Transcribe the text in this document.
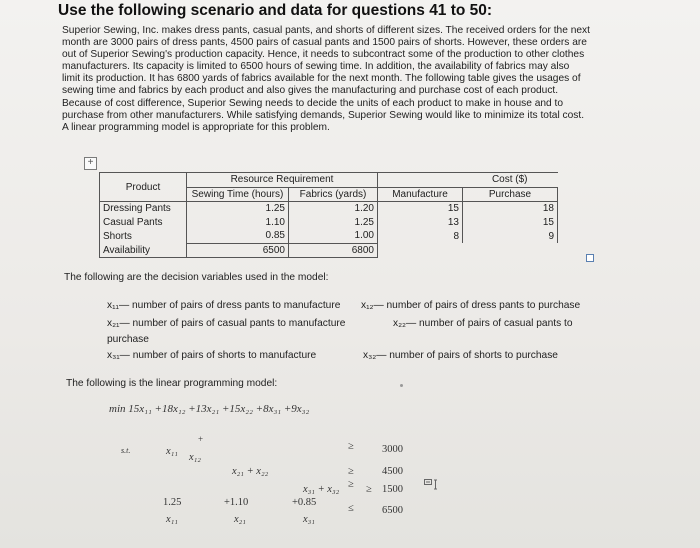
Use the following scenario and data for questions 41 to 50:
Superior Sewing, Inc. makes dress pants, casual pants, and shorts of different sizes. The received orders for the next
month are 3000 pairs of dress pants, 4500 pairs of casual pants and 1500 pairs of shorts. However, these orders are
out of Superior Sewing's production capacity. Hence, it needs to subcontract some of the production to other clothes
manufacturers. Its capacity is limited to 6500 hours of sewing time. In addition, the availability of fabrics may also
limit its production. It has 6800 yards of fabrics available for the next month. The following table gives the usages of
sewing time and fabrics by each product and also gives the manufacturing and purchase cost of each product.
Because of cost difference, Superior Sewing needs to decide the units of each product to make in house and to
purchase from other manufacturers. While satisfying demands, Superior Sewing would like to minimize its total cost.
A linear programming model is appropriate for this problem.
+
Product	Resource Requirement		Cost ($)	
	Sewing Time (hours)	Fabrics (yards)	Manufacture	Purchase
Dressing Pants	1.25	1.20	15	18
Casual Pants	1.10	1.25	13	15
Shorts	0.85	1.00	8	9
Availability	6500	6800		
The following are the decision variables used in the model:
x₁₁— number of pairs of dress pants to manufacture x₁₂— number of pairs of dress pants to purchase
x₂₁— number of pairs of casual pants to manufacture	x₂₂— number of pairs of casual pants to
purchase
x₃₁— number of pairs of shorts to manufacture	x₃₂— number of pairs of shorts to purchase
The following is the linear programming model:
min 15x₁₁ +18x₁₂ +13x₂₁ +15x₂₂ +8x₃₁ +9x₃₂
s.t.
+
x₁₁
x₁₂
≥	3000
x₂₁ + x₂₂	≥	4500
x₃₁ + x₃₂ ≥ ≥ 1500
1.25
x₁₁
+1.10
x₂₁
+0.85
x₃₁
≤	6500
